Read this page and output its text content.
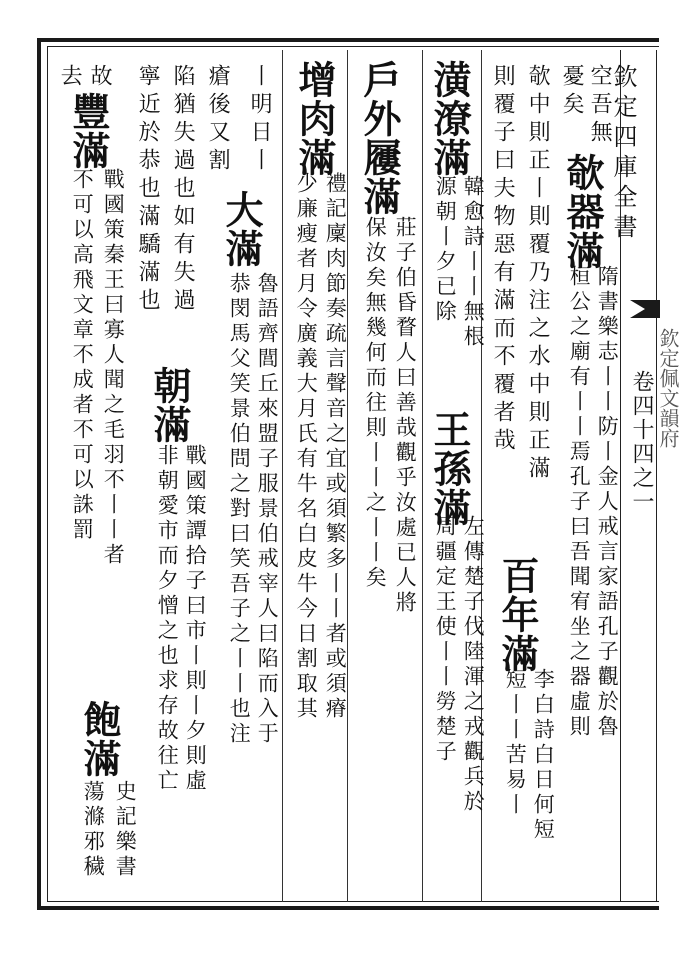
欽定四庫全書
卷四十四之一 欽定佩文韻府
空吾無
憂矣
欹器滿
隋書樂志丨丨防丨金人戒言家語孔子觀於魯
桓公之廟有丨丨焉孔子曰吾聞宥坐之器虛則
欹中則正丨則覆乃注之水中則正滿
則覆子曰夫物惡有滿而不覆者哉
百年滿
李白詩白日何短
短丨丨苦易丨
潢潦滿
韓愈詩丨丨無根
源朝丨夕已除
王孫滿
左傳楚子伐陸渾之戎觀兵於
周疆定王使丨丨勞楚子
戶外屨滿
莊子伯昏瞀人曰善哉觀乎汝處已人將
保汝矣無幾何而往則丨丨之丨丨矣
增肉滿
禮記廩肉節奏疏言聲音之宜或須繁多丨丨者或須瘠
少廉瘦者月令廣義大月氏有牛名白皮牛今日割取其
丨明日丨
大滿
魯語齊閭丘來盟子服景伯戒宰人曰陷而入于
瘡後又割
恭閔馬父笑景伯問之對曰笑吾子之丨丨也注
陷猶失過也如有失過
朝滿
戰國策譚拾子曰市丨則丨夕則虛
寧近於恭也滿驕滿也
非朝愛市而夕憎之也求存故往亡
故
去
豐滿
戰國策秦王曰寡人聞之毛羽不丨丨者
不可以高飛文章不成者不可以誅罰
飽滿
史記樂書
蕩滌邪穢
